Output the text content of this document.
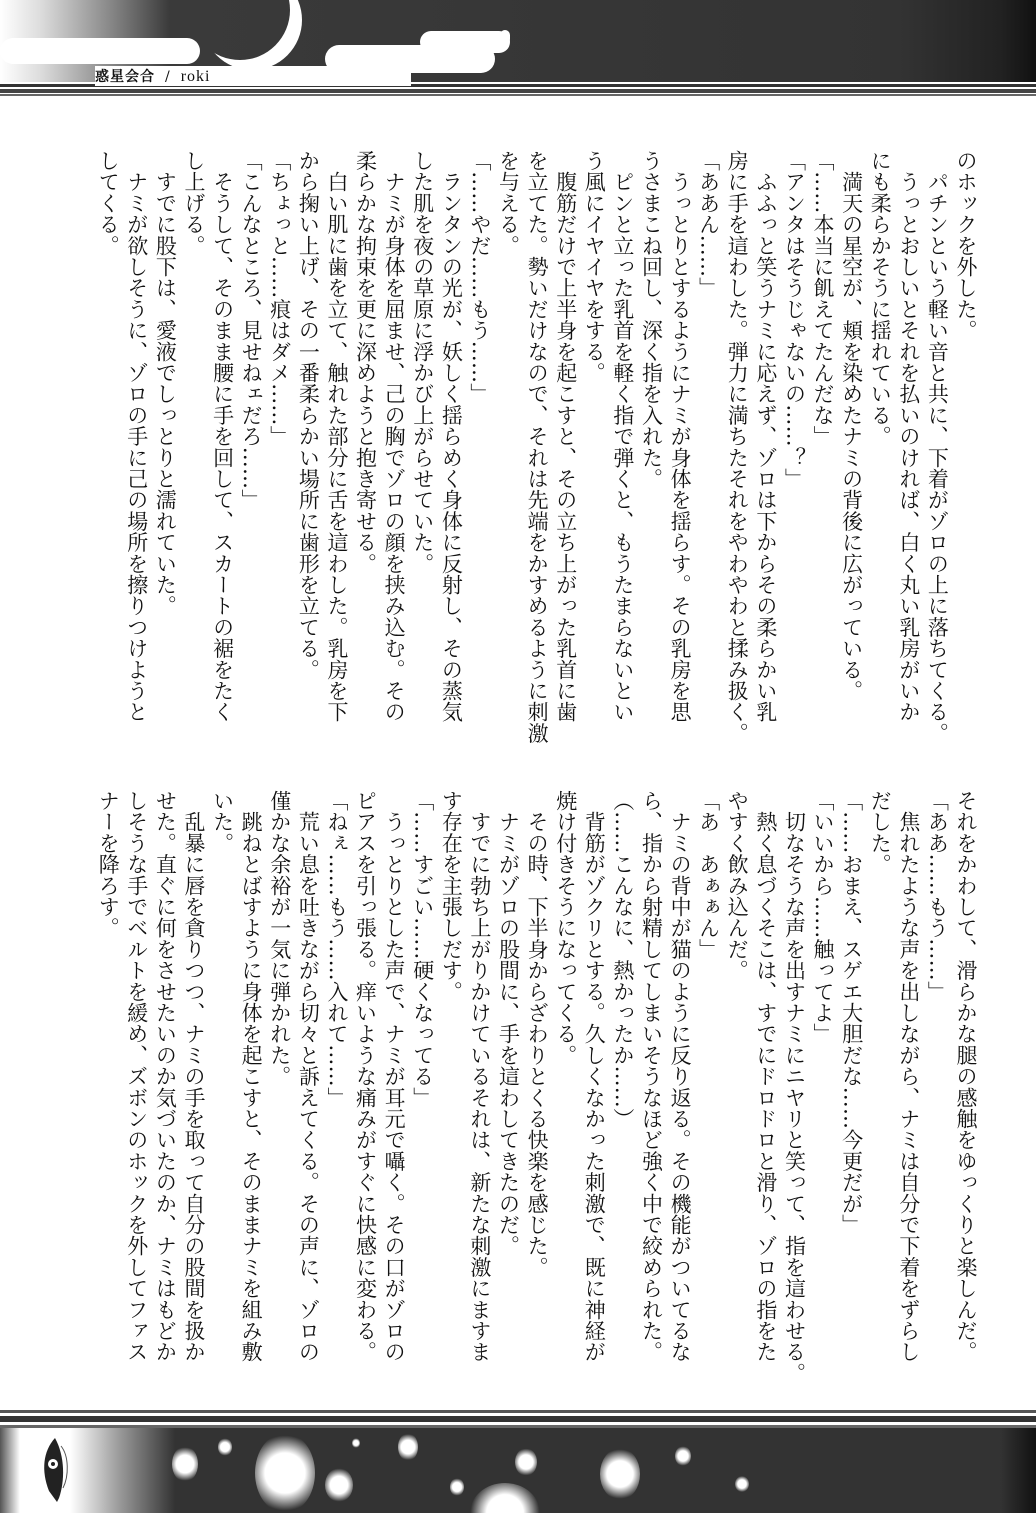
惑星会合 / roki
のホックを外した。
　パチンという軽い音と共に、下着がゾロの上に落ちてくる。
　うっとおしいとそれを払いのければ、白く丸い乳房がいか
にも柔らかそうに揺れている。
　満天の星空が、頬を染めたナミの背後に広がっている。
「……本当に飢えてたんだな」
「アンタはそうじゃないの……？」
　ふふっと笑うナミに応えず、ゾロは下からその柔らかい乳
房に手を這わした。弾力に満ちたそれをやわやわと揉み扱く。
「ああん……」
　うっとりとするようにナミが身体を揺らす。その乳房を思
うさまこね回し、深く指を入れた。
　ピンと立った乳首を軽く指で弾くと、もうたまらないとい
う風にイヤイヤをする。
　腹筋だけで上半身を起こすと、その立ち上がった乳首に歯
を立てた。勢いだけなので、それは先端をかすめるように刺激
を与える。
「……やだ……もう……」
　ランタンの光が、妖しく揺らめく身体に反射し、その蒸気
した肌を夜の草原に浮かび上がらせていた。
　ナミが身体を屈ませ、己の胸でゾロの顔を挟み込む。その
柔らかな拘束を更に深めようと抱き寄せる。
　白い肌に歯を立て、触れた部分に舌を這わした。乳房を下
から掬い上げ、その一番柔らかい場所に歯形を立てる。
「ちょっと……痕はダメ……」
「こんなところ、見せねェだろ……」
　そうして、そのまま腰に手を回して、スカートの裾をたく
し上げる。
　すでに股下は、愛液でしっとりと濡れていた。
　ナミが欲しそうに、ゾロの手に己の場所を擦りつけようと
してくる。
それをかわして、滑らかな腿の感触をゆっくりと楽しんだ。
「ああ……もう……」
　焦れたような声を出しながら、ナミは自分で下着をずらし
だした。
「……おまえ、スゲエ大胆だな……今更だが」
「いいから……触ってよ」
　切なそうな声を出すナミにニヤリと笑って、指を這わせる。
　熱く息づくそこは、すでにドロドロと滑り、ゾロの指をた
やすく飲み込んだ。
「あ　あぁぁん」
　ナミの背中が猫のように反り返る。その機能がついてるな
ら、指から射精してしまいそうなほど強く中で絞められた。
（……こんなに、熱かったか……）
　背筋がゾクリとする。久しくなかった刺激で、既に神経が
焼け付きそうになってくる。
　その時、下半身からざわりとくる快楽を感じた。
　ナミがゾロの股間に、手を這わしてきたのだ。
　すでに勃ち上がりかけているそれは、新たな刺激にますま
す存在を主張しだす。
「……すごい……硬くなってる」
　うっとりとした声で、ナミが耳元で囁く。その口がゾロの
ピアスを引っ張る。痒いような痛みがすぐに快感に変わる。
「ねぇ……もう……入れて……」
　荒い息を吐きながら切々と訴えてくる。その声に、ゾロの
僅かな余裕が一気に弾かれた。
　跳ねとばすように身体を起こすと、そのままナミを組み敷
いた。
　乱暴に唇を貪りつつ、ナミの手を取って自分の股間を扱か
せた。直ぐに何をさせたいのか気づいたのか、ナミはもどか
しそうな手でベルトを緩め、ズボンのホックを外してファス
ナーを降ろす。
